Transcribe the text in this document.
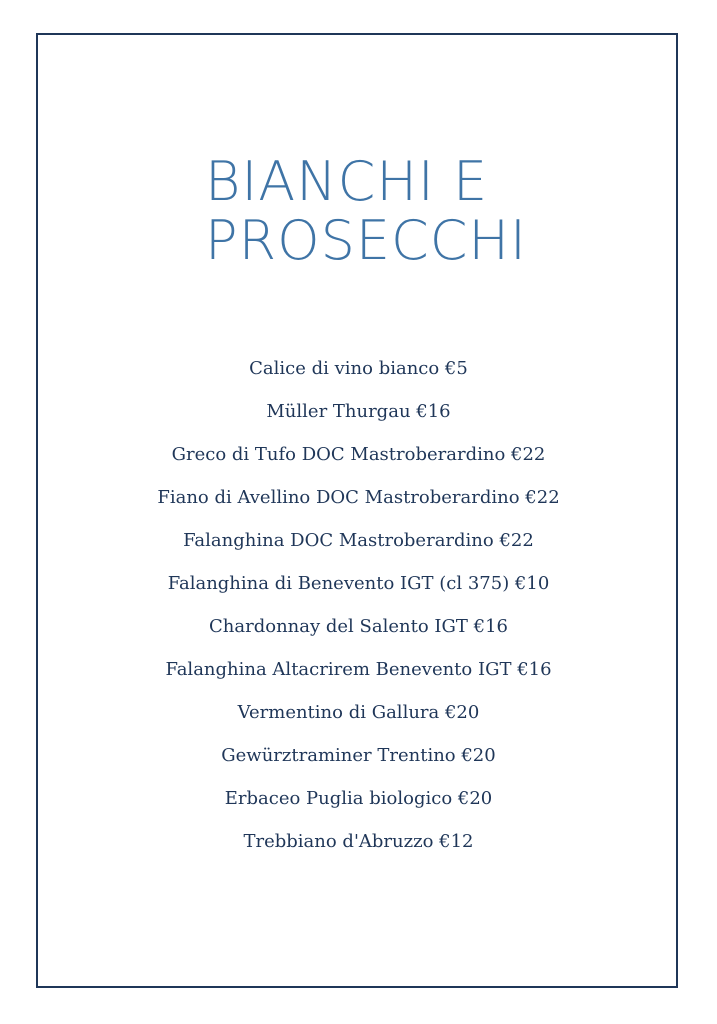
BIANCHI E
PROSECCHI
Calice di vino bianco €5
Müller Thurgau €16
Greco di Tufo DOC Mastroberardino €22
Fiano di Avellino DOC Mastroberardino €22
Falanghina DOC Mastroberardino €22
Falanghina di Benevento IGT (cl 375) €10
Chardonnay del Salento IGT €16
Falanghina Altacrirem Benevento IGT €16
Vermentino di Gallura €20
Gewürztraminer Trentino €20
Erbaceo Puglia biologico €20
Trebbiano d'Abruzzo €12
